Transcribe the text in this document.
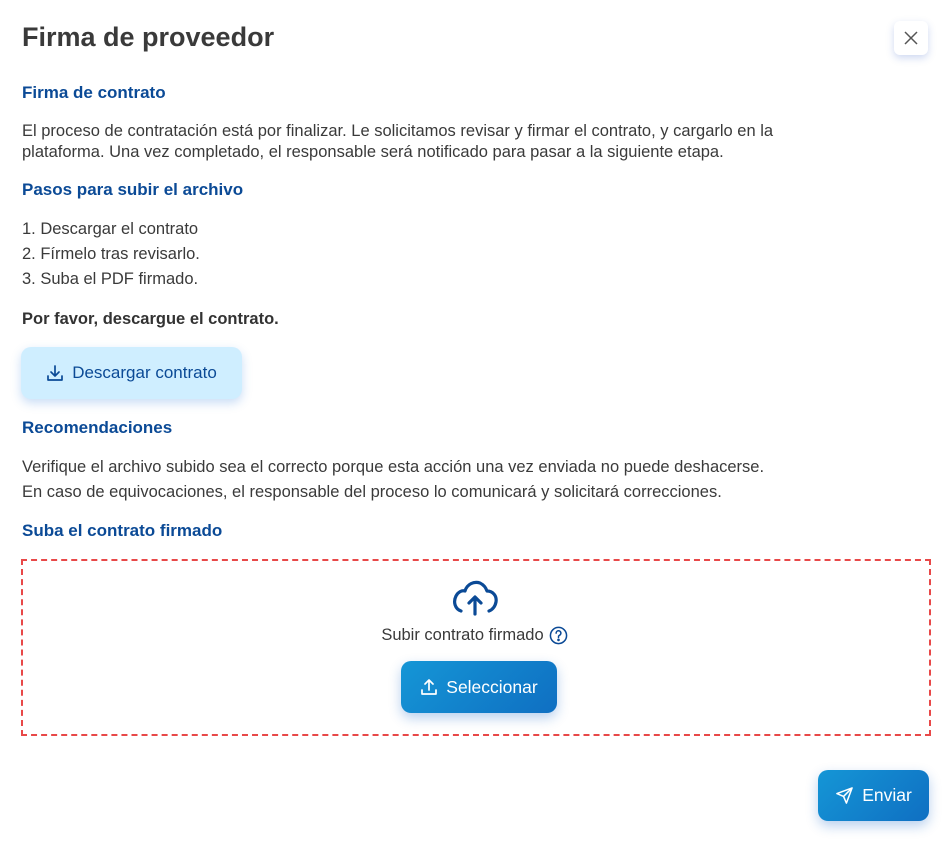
Firma de proveedor
Firma de contrato

El proceso de contratación está por finalizar. Le solicitamos revisar y firmar el contrato, y cargarlo en la

plataforma. Una vez completado, el responsable será notificado para pasar a la siguiente etapa.

Pasos para subir el archivo

1. Descargar el contrato

2. Fírmelo tras revisarlo.

3. Suba el PDF firmado.

Por favor, descargue el contrato.

Descargar contrato
Recomendaciones

Verifique el archivo subido sea el correcto porque esta acción una vez enviada no puede deshacerse.

En caso de equivocaciones, el responsable del proceso lo comunicará y solicitará correcciones.

Suba el contrato firmado
Subir contrato firmado
Seleccionar
Enviar
